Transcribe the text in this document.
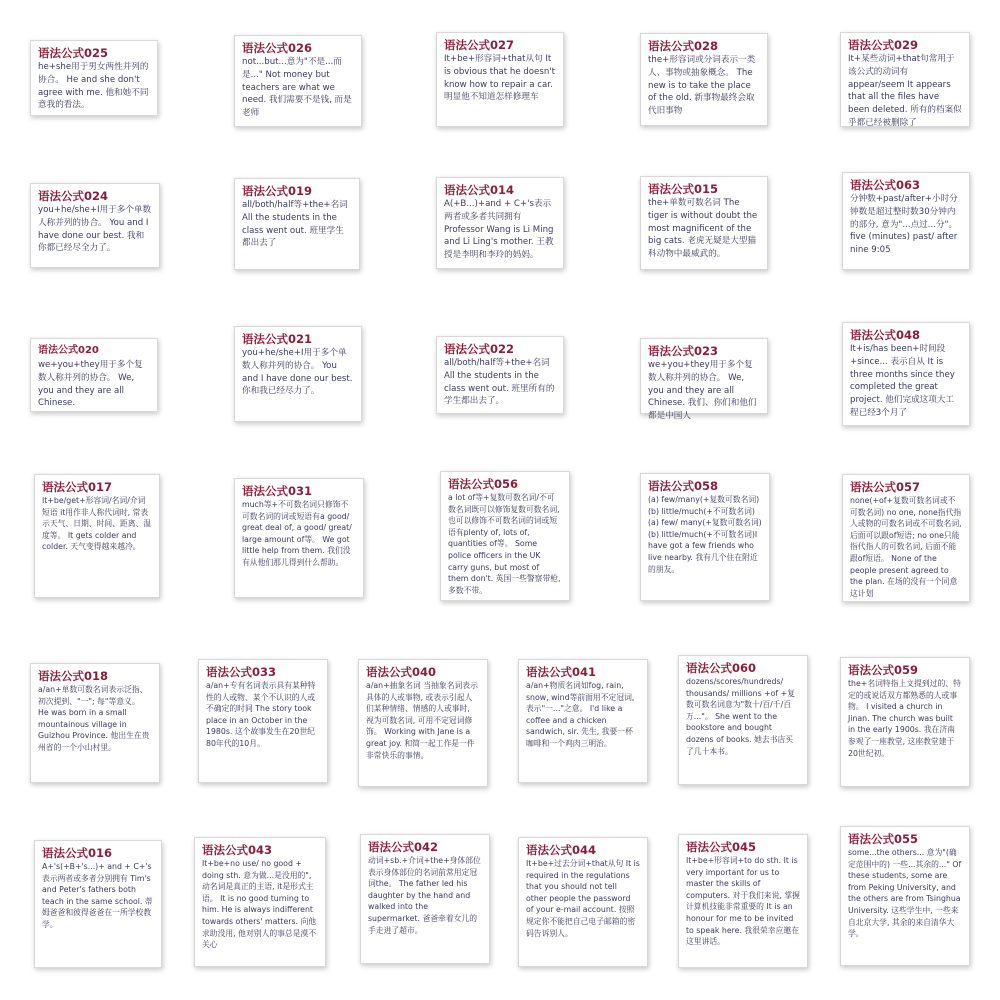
语法公式025
he+she用于男女两性并列的协合。 He and she don't agree with me. 他和她不同意我的看法。
语法公式026
not...but...意为"不是...而是..." Not money but teachers are what we need. 我们需要不是钱, 而是老师
语法公式027
It+be+形容词+that从句 It is obvious that he doesn't know how to repair a car. 明显他不知道怎样修理车
语法公式028
the+形容词或分词表示一类人、事物或抽象概念。 The new is to take the place of the old. 新事物最终会取代旧事物
语法公式029
It+某些动词+that句常用于该公式的动词有appear/seem It appears that all the files have been deleted. 所有的档案似乎都已经被删除了
语法公式024
you+he/she+I用于多个单数人称并列的协合。 You and I have done our best. 我和你都已经尽全力了。
语法公式019
all/both/half等+the+名词 All the students in the class went out. 班里学生都出去了
语法公式014
A(+B...)+and + C+'s表示两者或多者共同拥有 Professor Wang is Li Ming and Li Ling's mother. 王教授是李明和李玲的妈妈。
语法公式015
the+单数可数名词 The tiger is without doubt the most magnificent of the big cats. 老虎无疑是大型猫科动物中最威武的。
语法公式063
分钟数+past/after+小时分钟数是超过整时数30分钟内的部分, 意为"...点过...分"。 five (minutes) past/ after nine 9:05
语法公式020
we+you+they用于多个复数人称并列的协合。 We, you and they are all Chinese.
语法公式021
you+he/she+I用于多个单数人称并列的协合。 You and I have done our best. 你和我已经尽力了。
语法公式022
all/both/half等+the+名词 All the students in the class went out. 班里所有的学生都出去了。
语法公式023
we+you+they用于多个复数人称并列的协合。 We, you and they are all Chinese. 我们、你们和他们都是中国人
语法公式048
It+is/has been+时间段+since... 表示自从 It is three months since they completed the great project. 他们完成这项大工程已经3个月了
语法公式017
It+be/get+形容词/名词/介词短语 it用作非人称代词时, 常表示天气、日期、时间、距离、温度等。 It gets colder and colder. 天气变得越来越冷。
语法公式031
much等+不可数名词只修饰不可数名词的词或短语有a good/ great deal of, a good/ great/ large amount of等。 We got little help from them. 我们没有从他们那儿得到什么帮助。
语法公式056
a lot of等+复数可数名词/不可数名词既可以修饰复数可数名词, 也可以修饰不可数名词的词或短语有plenty of, lots of, quantities of等。 Some police officers in the UK carry guns, but most of them don't. 英国一些警察带枪, 多数不带。
语法公式058
(a) few/many(+复数可数名词)(b) little/much(+不可数名词)(a) few/ many(+复数可数名词)(b) little/much(+不可数名词)I have got a few friends who live nearby. 我有几个住在附近的朋友。
语法公式057
none(+of+复数可数名词或不可数名词) no one, none指代指人或物的可数名词或不可数名词, 后面可以跟of短语; no one只能指代指人的可数名词, 后面不能跟of短语。 None of the people present agreed to the plan. 在场的没有一个同意这计划
语法公式018
a/an+单数可数名词表示泛指、初次提到、"一"; 每"等意义。 He was born in a small mountainous village in Guizhou Province. 他出生在贵州省的一个小山村里。
语法公式033
a/an+专有名词表示具有某种特性的人或物、某个不认识的人或不确定的时间 The story took place in an October in the 1980s. 这个故事发生在20世纪80年代的10月。
语法公式040
a/an+抽象名词 当抽象名词表示具体的人或事物, 或表示引起人们某种情绪、情感的人或事时, 视为可数名词, 可用不定冠词修饰。 Working with Jane is a great joy. 和简一起工作是一件非常快乐的事情。
语法公式041
a/an+物质名词如fog, rain, snow, wind等前面用不定冠词, 表示"一..."之意。 I'd like a coffee and a chicken sandwich, sir. 先生, 我要一杯咖啡和一个鸡肉三明治。
语法公式060
dozens/scores/hundreds/ thousands/ millions +of +复数可数名词意为"数十/百/千/百万..."。 She went to the bookstore and bought dozens of books. 她去书店买了几十本书。
语法公式059
the+名词特指上文提到过的、特定的或说话双方都熟悉的人或事物。 I visited a church in Jinan. The church was built in the early 1900s. 我在济南参观了一座教堂, 这座教堂建于20世纪初。
语法公式016
A+'s(+B+'s...)+ and + C+'s 表示两者或多者分别拥有 Tim's and Peter's fathers both teach in the same school. 蒂姆爸爸和彼得爸爸在一所学校教学。
语法公式043
It+be+no use/ no good + doing sth. 意为做...是没用的", 动名词是真正的主语, it是形式主语。 It is no good turning to him. He is always indifferent towards others' matters. 向他求助没用, 他对别人的事总是漠不关心
语法公式042
动词+sb.+介词+the+身体部位表示身体部位的名词前常用定冠词the。 The father led his daughter by the hand and walked into the supermarket. 爸爸牵着女儿的手走进了超市。
语法公式044
It+be+过去分词+that从句 It is required in the regulations that you should not tell other people the password of your e-mail account. 按照规定你不能把自己电子邮箱的密码告诉别人。
语法公式045
It+be+形容词+to do sth. It is very important for us to master the skills of computers. 对于我们来说, 掌握计算机技能非常重要的 It is an honour for me to be invited to speak here. 我很荣幸应邀在这里讲话。
语法公式055
some...the others... 意为"(确定范围中的) 一些...其余的..." Of these students, some are from Peking University, and the others are from Tsinghua University. 这些学生中, 一些来自北京大学, 其余的来自清华大学。
